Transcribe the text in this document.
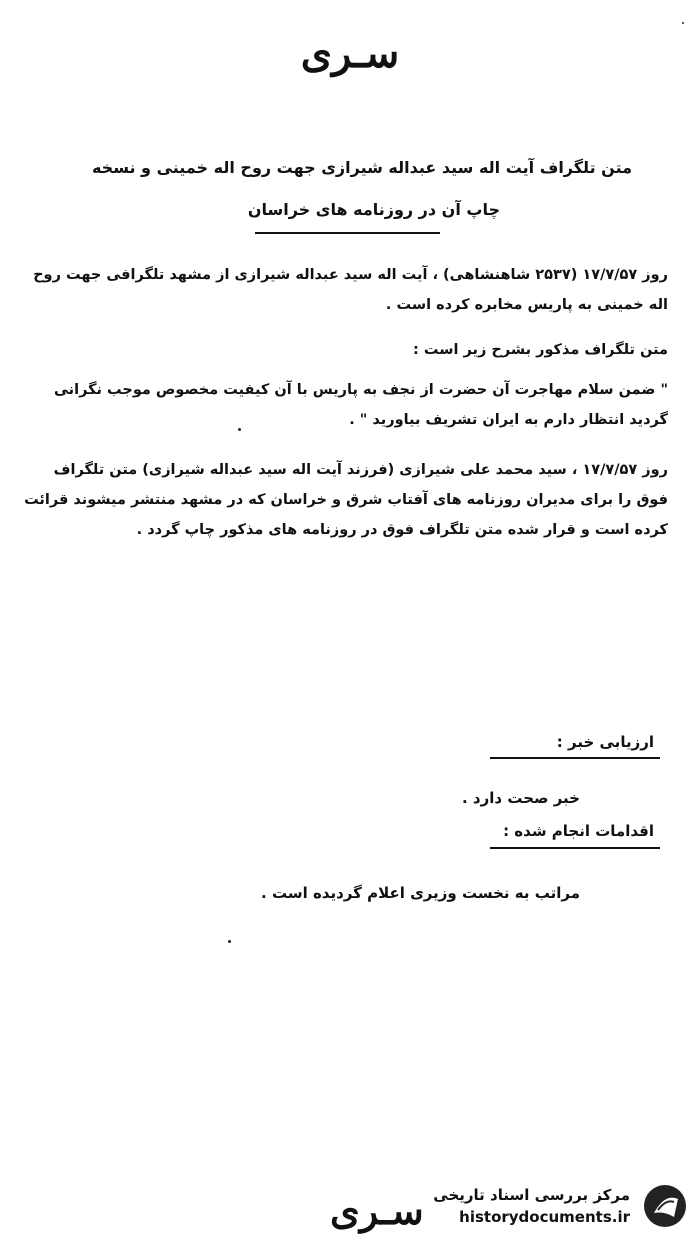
سـری
متن تلگراف آیت اله سید عبداله شیرازی جهت روح اله خمینی و نسخه
چاپ آن در روزنامه های خراسان
روز ۱۷/۷/۵۷ (۲۵۳۷ شاهنشاهی) ، آیت اله سید عبداله شیرازی از مشهد تلگرافی جهت روح اله خمینی به پاریس مخابره کرده است .
متن تلگراف مذکور بشرح زیر است :
" ضمن سلام مهاجرت آن حضرت از نجف به پاریس با آن کیفیت مخصوص موجب نگرانی گردید انتظار دارم به ایران تشریف بیاورید " .
روز ۱۷/۷/۵۷ ، سید محمد علی شیرازی (فرزند آیت اله سید عبداله شیرازی) متن تلگراف فوق را برای مدیران روزنامه های آفتاب شرق و خراسان که در مشهد منتشر میشوند قرائت کرده است و قرار شده متن تلگراف فوق در روزنامه های مذکور چاپ گردد .
ارزیابی خبر :
خبر صحت دارد .
اقدامات انجام شده :
مراتب به نخست وزیری اعلام گردیده است .
سـری مرکز بررسی اسناد تاریخی
historydocuments.ir
